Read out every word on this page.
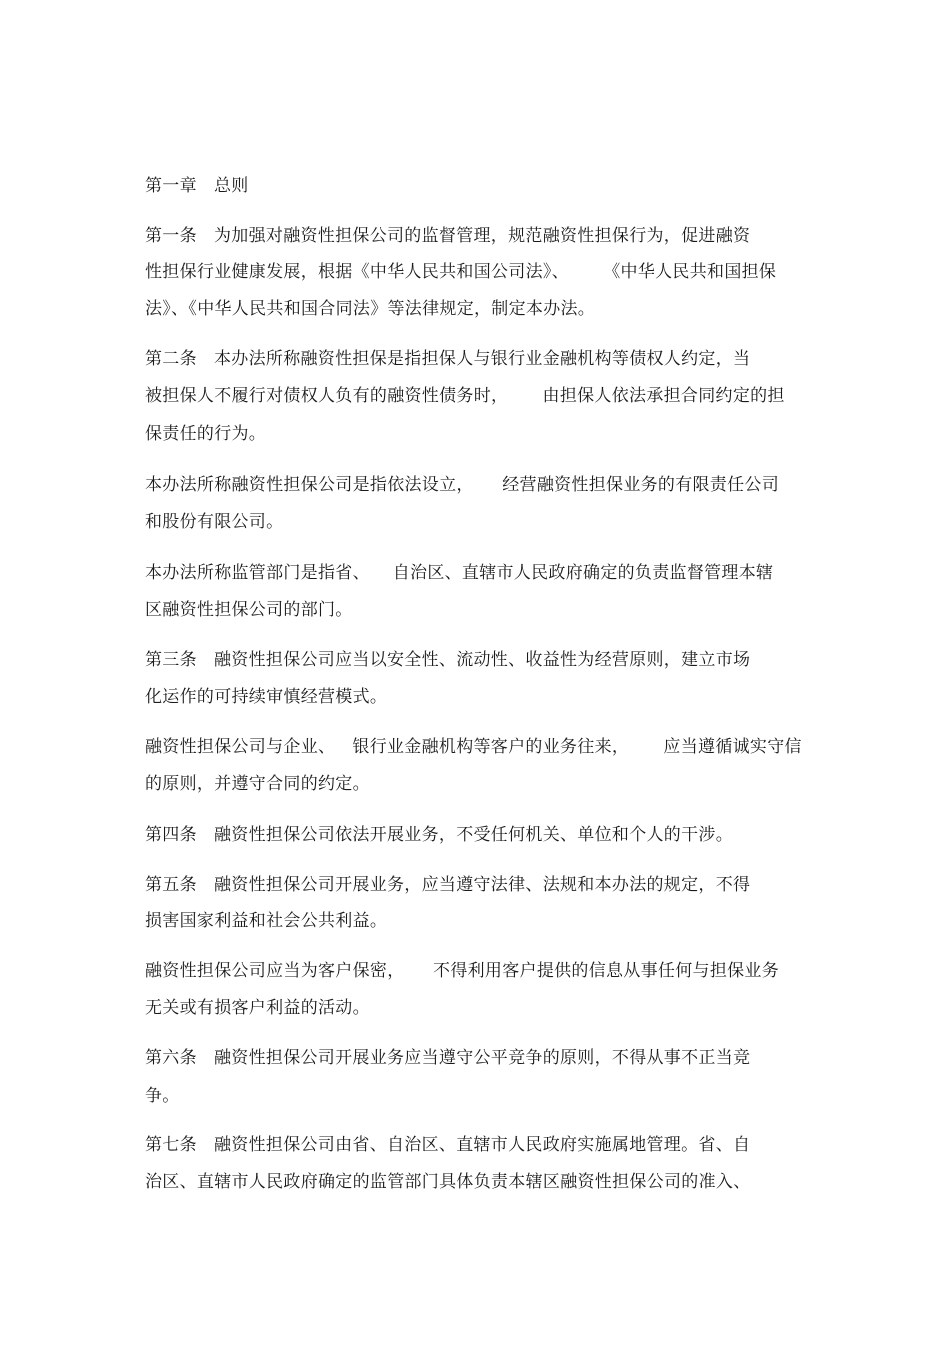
第一章   总则
第一条   为加强对融资性担保公司的监督管理，规范融资性担保行为，促进融资
性担保行业健康发展，根据《中华人民共和国公司法》、      《中华人民共和国担保
法》、《中华人民共和国合同法》等法律规定，制定本办法。
第二条   本办法所称融资性担保是指担保人与银行业金融机构等债权人约定，当
被担保人不履行对债权人负有的融资性债务时，      由担保人依法承担合同约定的担
保责任的行为。
本办法所称融资性担保公司是指依法设立，     经营融资性担保业务的有限责任公司
和股份有限公司。
本办法所称监管部门是指省、    自治区、直辖市人民政府确定的负责监督管理本辖
区融资性担保公司的部门。
第三条   融资性担保公司应当以安全性、流动性、收益性为经营原则，建立市场
化运作的可持续审慎经营模式。
融资性担保公司与企业、   银行业金融机构等客户的业务往来，      应当遵循诚实守信
的原则，并遵守合同的约定。
第四条   融资性担保公司依法开展业务，不受任何机关、单位和个人的干涉。
第五条   融资性担保公司开展业务，应当遵守法律、法规和本办法的规定，不得
损害国家利益和社会公共利益。
融资性担保公司应当为客户保密，     不得利用客户提供的信息从事任何与担保业务
无关或有损客户利益的活动。
第六条   融资性担保公司开展业务应当遵守公平竞争的原则，不得从事不正当竞
争。
第七条   融资性担保公司由省、自治区、直辖市人民政府实施属地管理。省、自
治区、直辖市人民政府确定的监管部门具体负责本辖区融资性担保公司的准入、
